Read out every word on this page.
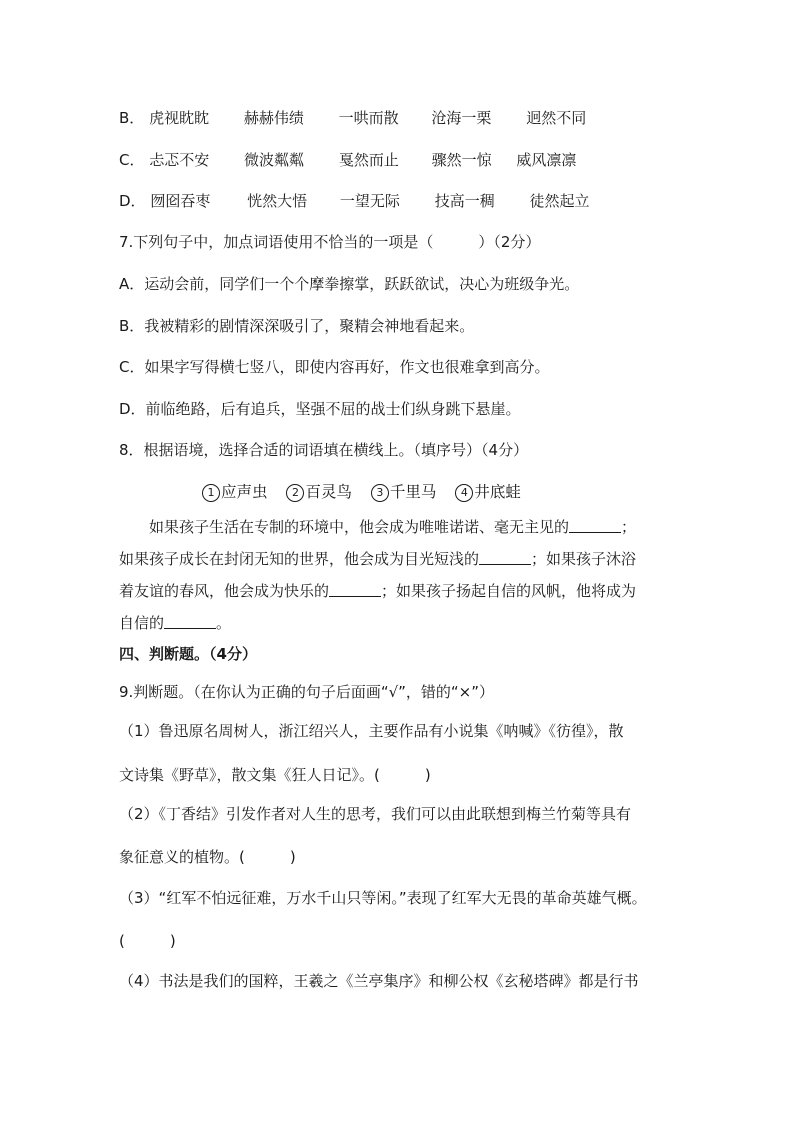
B． 虎视眈眈 赫赫伟绩 一哄而散 沧海一栗 迥然不同
C． 忐忑不安 微波粼粼 戛然而止 骤然一惊 威风凛凛
D． 囫囵吞枣 恍然大悟 一望无际 技高一稠 徒然起立
7.下列句子中，加点词语使用不恰当的一项是（　　　）（2分）
A．运动会前，同学们一个个摩拳擦掌，跃跃欲试，决心为班级争光。
B．我被精彩的剧情深深吸引了，聚精会神地看起来。
C．如果字写得横七竖八，即使内容再好，作文也很难拿到高分。
D．前临绝路，后有追兵，坚强不屈的战士们纵身跳下悬崖。
8．根据语境，选择合适的词语填在横线上。（填序号）（4分）
1 应声虫 2 百灵鸟 3 千里马 4 井底蛙
如果孩子生活在专制的环境中，他会成为唯唯诺诺、毫无主见的	；
如果孩子成长在封闭无知的世界，他会成为目光短浅的	；如果孩子沐浴
着友谊的春风，他会成为快乐的	；如果孩子扬起自信的风帆，他将成为
自信的	。
四、判断题。（4分）
9.判断题。（在你认为正确的句子后面画“√”，错的“×”）
（1）鲁迅原名周树人，浙江绍兴人，主要作品有小说集《呐喊》《彷徨》，散
文诗集《野草》，散文集《狂人日记》。(　　　)
（2）《丁香结》引发作者对人生的思考，我们可以由此联想到梅兰竹菊等具有
象征意义的植物。(　　　)
（3）“红军不怕远征难，万水千山只等闲。”表现了红军大无畏的革命英雄气概。
(　　　)
（4）书法是我们的国粹，王羲之《兰亭集序》和柳公权《玄秘塔碑》都是行书
